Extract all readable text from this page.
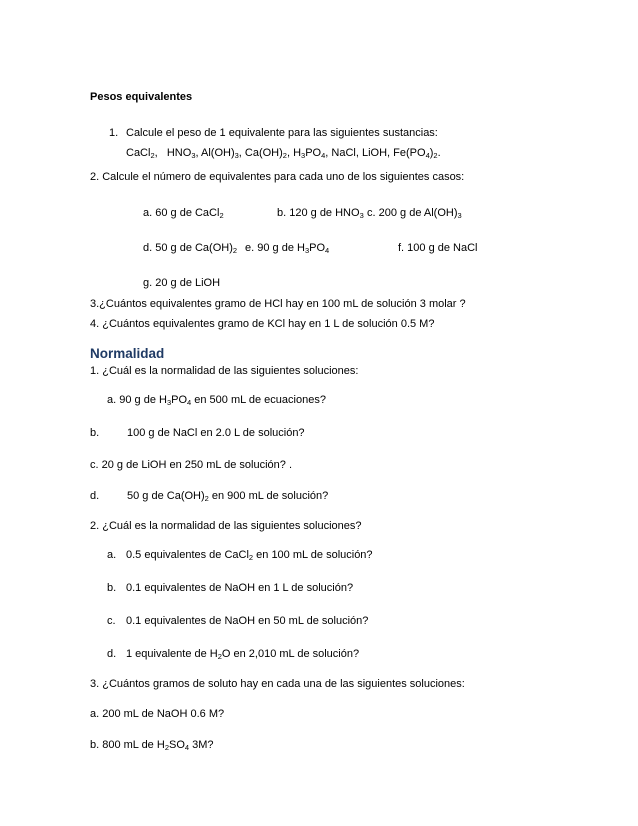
Pesos equivalentes
1. Calcule el peso de 1 equivalente para las siguientes sustancias:
CaCl$_2$, $HNO_3$, $Al(OH)_3$, $Ca(OH)_2$, $H_3PO_4$, NaCl, LiOH, $Fe(PO_4)_2$.
2. Calcule el número de equivalentes para cada uno de los siguientes casos:
a. 60 g de CaCl$_2$	b. 120 g de $HNO_3$ c. 200 g de $Al(OH)_3$
d. 50 g de $Ca(OH)_2$ e. 90 g de $H_3PO_4$	f. 100 g de NaCl
g. 20 g de LiOH
3.¿Cuántos equivalentes gramo de HCl hay en 100 mL de solución 3 molar ?
4. ¿Cuántos equivalentes gramo de KCl hay en 1 L de solución 0.5 M?
Normalidad
1. ¿Cuál es la normalidad de las siguientes soluciones:
a. 90 g de $H_3PO_4$ en 500 mL de ecuaciones?
b.	100 g de NaCl en 2.0 L de solución?
c. 20 g de LiOH en 250 mL de solución? .
d.	50 g de $Ca(OH)_2$ en 900 mL de solución?
2. ¿Cuál es la normalidad de las siguientes soluciones?
a. 0.5 equivalentes de CaCl$_2$ en 100 mL de solución?
b. 0.1 equivalentes de NaOH en 1 L de solución?
c. 0.1 equivalentes de NaOH en 50 mL de solución?
d. 1 equivalente de $H_2O$ en 2,010 mL de solución?
3. ¿Cuántos gramos de soluto hay en cada una de las siguientes soluciones:
a. 200 mL de NaOH 0.6 M?
b. 800 mL de $H_2SO_4$ 3M?
